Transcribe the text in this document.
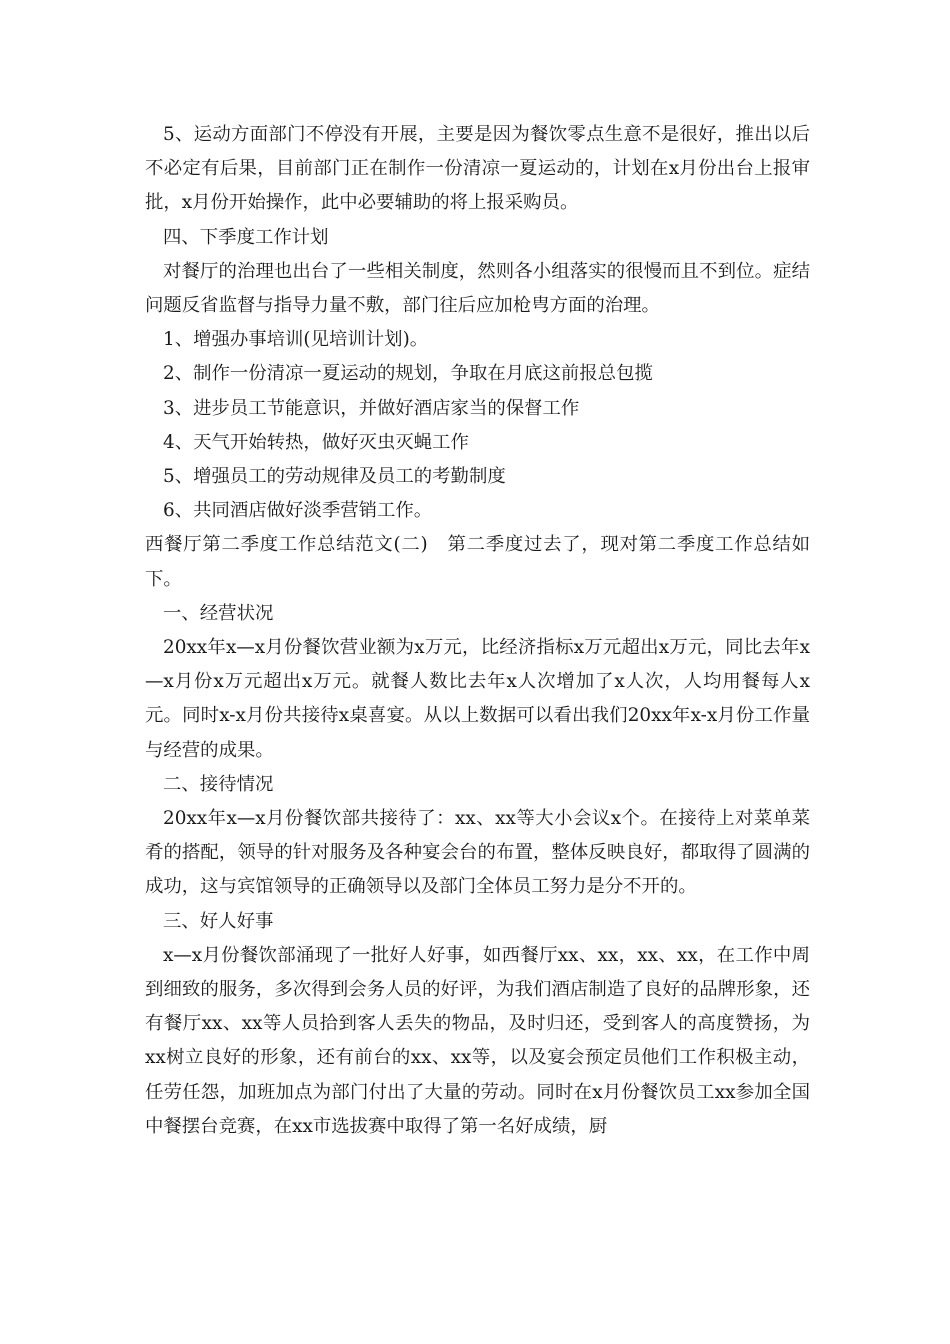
5、运动方面部门不停没有开展，主要是因为餐饮零点生意不是很好，推出以后不必定有后果，目前部门正在制作一份清凉一夏运动的，计划在x月份出台上报审批，x月份开始操作，此中必要辅助的将上报采购员。

四、下季度工作计划

对餐厅的治理也出台了一些相关制度，然则各小组落实的很慢而且不到位。症结问题反省监督与指导力量不敷，部门往后应加枪㽕方面的治理。

1、增强办事培训(见培训计划)。

2、制作一份清凉一夏运动的规划，争取在月底这前报总包揽

3、进步员工节能意识，并做好酒店家当的保督工作

4、天气开始转热，做好灭虫灭蝇工作

5、增强员工的劳动规律及员工的考勤制度

6、共同酒店做好淡季营销工作。

西餐厅第二季度工作总结范文(二)　第二季度过去了，现对第二季度工作总结如下。

一、经营状况

20xx年x—x月份餐饮营业额为x万元，比经济指标x万元超出x万元，同比去年x—x月份x万元超出x万元。就餐人数比去年x人次增加了x人次，人均用餐每人x元。同时x-x月份共接待x桌喜宴。从以上数据可以看出我们20xx年x-x月份工作量与经营的成果。

二、接待情况

20xx年x—x月份餐饮部共接待了：xx、xx等大小会议x个。在接待上对菜单菜肴的搭配，领导的针对服务及各种宴会台的布置，整体反映良好，都取得了圆满的成功，这与宾馆领导的正确领导以及部门全体员工努力是分不开的。

三、好人好事

x—x月份餐饮部涌现了一批好人好事，如西餐厅xx、xx，xx、xx，在工作中周到细致的服务，多次得到会务人员的好评，为我们酒店制造了良好的品牌形象，还有餐厅xx、xx等人员拾到客人丢失的物品，及时归还，受到客人的高度赞扬，为xx树立良好的形象，还有前台的xx、xx等，以及宴会预定员他们工作积极主动，任劳任怨，加班加点为部门付出了大量的劳动。同时在x月份餐饮员工xx参加全国中餐摆台竞赛，在xx市选拔赛中取得了第一名好成绩，厨
